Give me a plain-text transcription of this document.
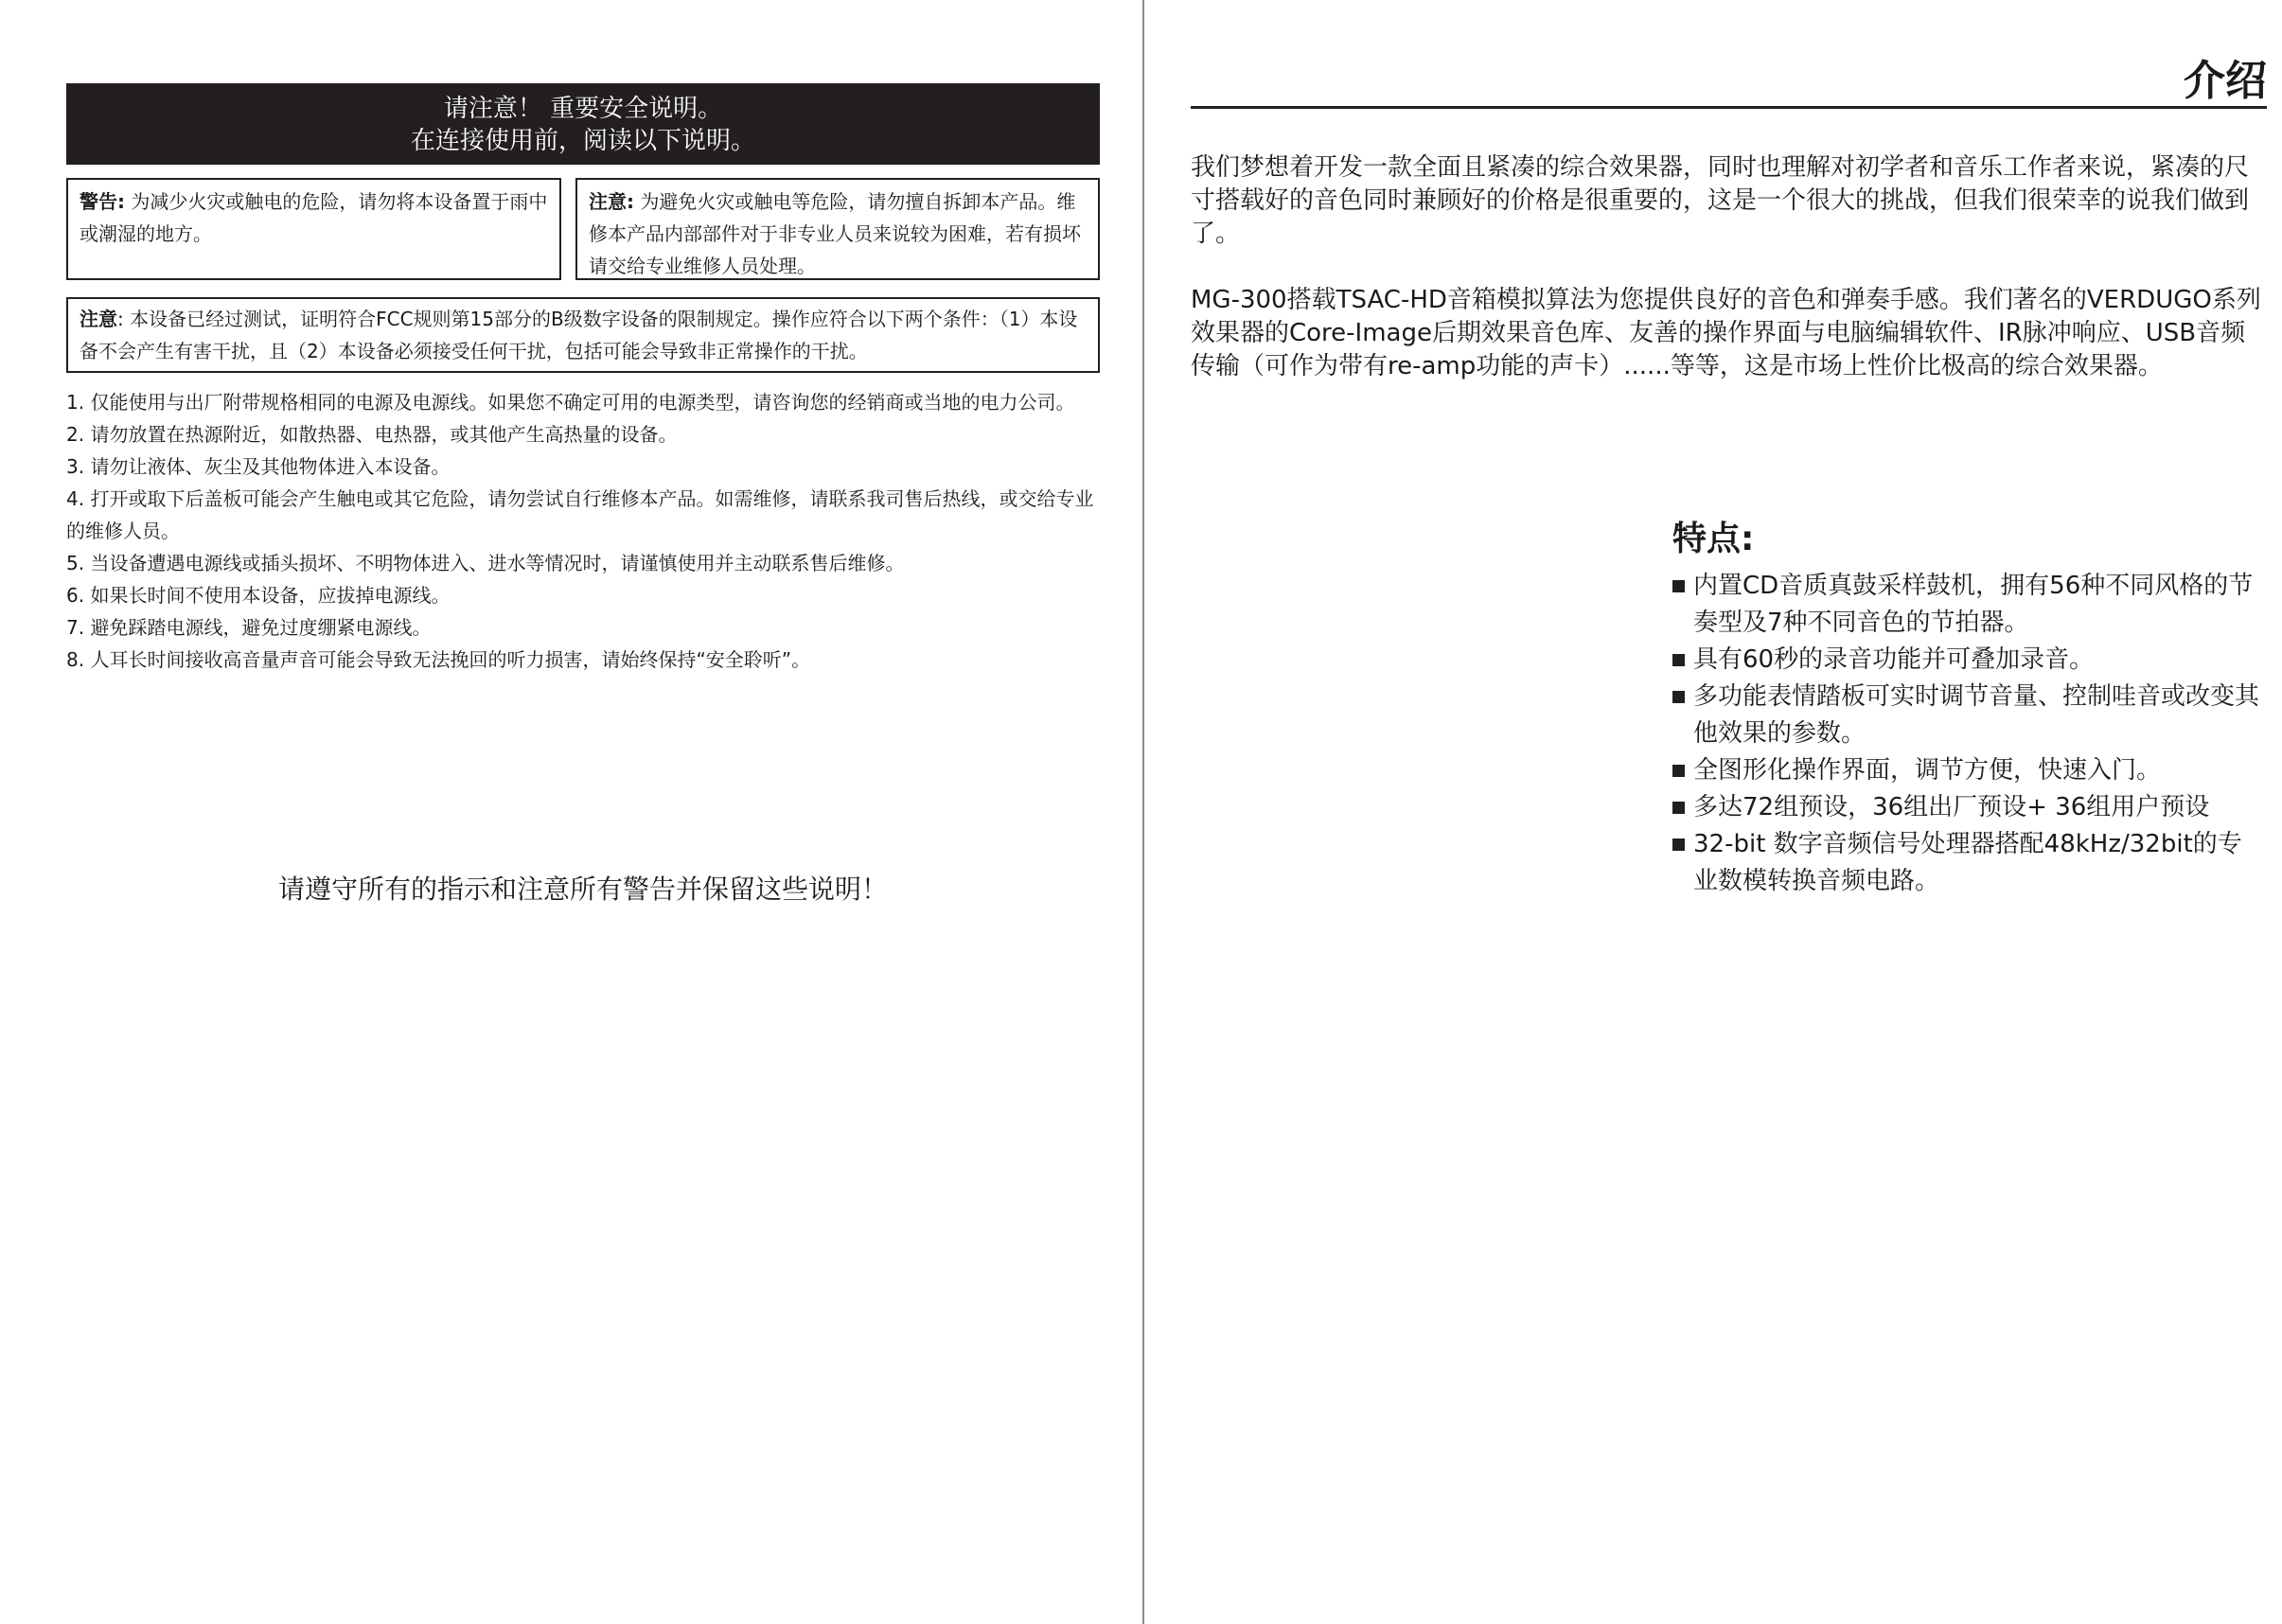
请注意！ 重要安全说明。
在连接使用前，阅读以下说明。
警告: 为减少火灾或触电的危险，请勿将本设备置于雨中或潮湿的地方。
注意: 为避免火灾或触电等危险，请勿擅自拆卸本产品。维修本产品内部部件对于非专业人员来说较为困难，若有损坏请交给专业维修人员处理。
注意: 本设备已经过测试，证明符合FCC规则第15部分的B级数字设备的限制规定。操作应符合以下两个条件：（1）本设备不会产生有害干扰，且（2）本设备必须接受任何干扰，包括可能会导致非正常操作的干扰。
1. 仅能使用与出厂附带规格相同的电源及电源线。如果您不确定可用的电源类型，请咨询您的经销商或当地的电力公司。
2. 请勿放置在热源附近，如散热器、电热器，或其他产生高热量的设备。
3. 请勿让液体、灰尘及其他物体进入本设备。
4. 打开或取下后盖板可能会产生触电或其它危险，请勿尝试自行维修本产品。如需维修，请联系我司售后热线，或交给专业的维修人员。
5. 当设备遭遇电源线或插头损坏、不明物体进入、进水等情况时，请谨慎使用并主动联系售后维修。
6. 如果长时间不使用本设备，应拔掉电源线。
7. 避免踩踏电源线，避免过度绷紧电源线。
8. 人耳长时间接收高音量声音可能会导致无法挽回的听力损害，请始终保持“安全聆听”。
请遵守所有的指示和注意所有警告并保留这些说明！
介绍

我们梦想着开发一款全面且紧凑的综合效果器，同时也理解对初学者和音乐工作者来说，紧凑的尺寸搭载好的音色同时兼顾好的价格是很重要的，这是一个很大的挑战，但我们很荣幸的说我们做到了。

MG-300搭载TSAC-HD音箱模拟算法为您提供良好的音色和弹奏手感。我们著名的VERDUGO系列效果器的Core-Image后期效果音色库、友善的操作界面与电脑编辑软件、IR脉冲响应、USB音频传输（可作为带有re-amp功能的声卡）......等等，这是市场上性价比极高的综合效果器。

特点:
内置CD音质真鼓采样鼓机，拥有56种不同风格的节奏型及7种不同音色的节拍器。
具有60秒的录音功能并可叠加录音。
多功能表情踏板可实时调节音量、控制哇音或改变其他效果的参数。
全图形化操作界面，调节方便，快速入门。
多达72组预设，36组出厂预设+ 36组用户预设
32-bit 数字音频信号处理器搭配48kHz/32bit的专业数模转换音频电路。
